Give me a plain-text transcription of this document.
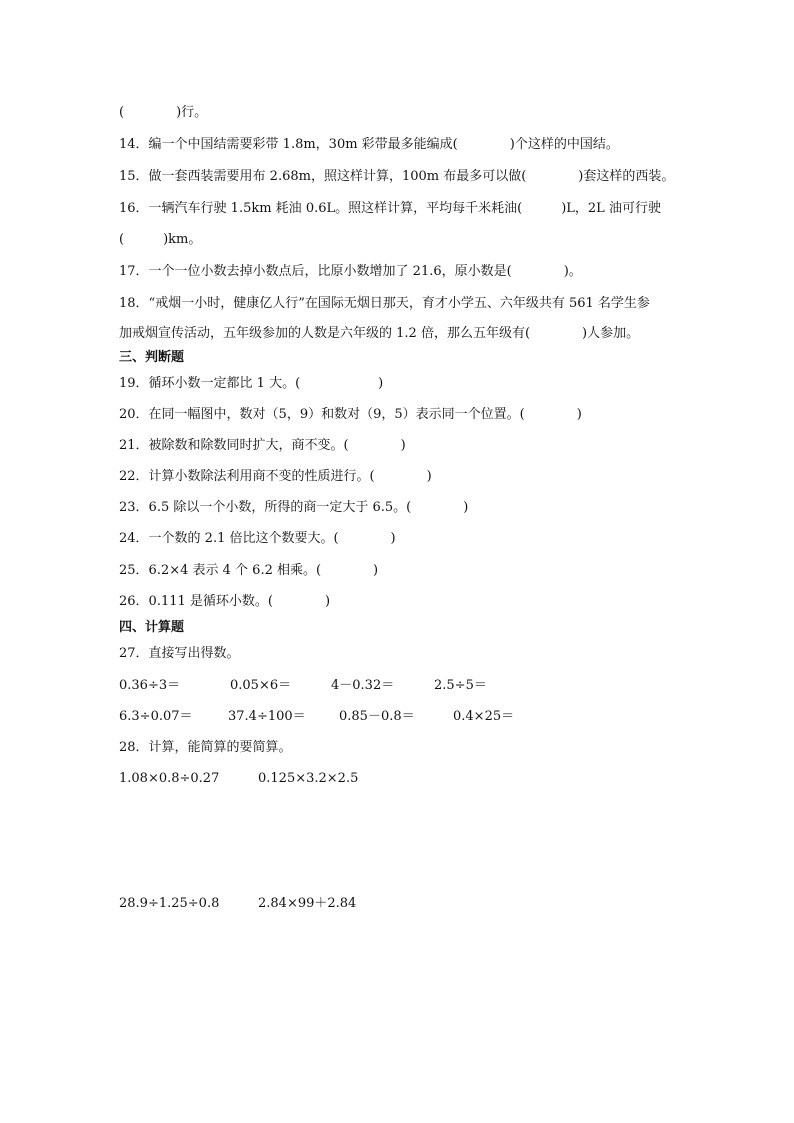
(　　　　)行。
14．编一个中国结需要彩带 1.8m，30m 彩带最多能编成(　　　　)个这样的中国结。
15．做一套西装需要用布 2.68m，照这样计算，100m 布最多可以做(　　　　)套这样的西装。
16．一辆汽车行驶 1.5km 耗油 0.6L。照这样计算，平均每千米耗油(　　　)L，2L 油可行驶
(　　　)km。
17．一个一位小数去掉小数点后，比原小数增加了 21.6，原小数是(　　　　)。
18．“戒烟一小时，健康亿人行”在国际无烟日那天，育才小学五、六年级共有 561 名学生参
加戒烟宣传活动，五年级参加的人数是六年级的 1.2 倍，那么五年级有(　　　　)人参加。
三、判断题
19．循环小数一定都比 1 大。(　　　　　　)
20．在同一幅图中，数对（5，9）和数对（9，5）表示同一个位置。(　　　　)
21．被除数和除数同时扩大，商不变。(　　　　)
22．计算小数除法利用商不变的性质进行。(　　　　)
23．6.5 除以一个小数，所得的商一定大于 6.5。(　　　　)
24．一个数的 2.1 倍比这个数要大。(　　　　)
25．6.2×4 表示 4 个 6.2 相乘。(　　　　)
26．0.111 是循环小数。(　　　　)
四、计算题
27．直接写出得数。
0.36÷3＝	0.05×6＝	4－0.32＝	2.5÷5＝
6.3÷0.07＝	37.4÷100＝	0.85－0.8＝	0.4×25＝
28．计算，能简算的要简算。
1.08×0.8÷0.27	0.125×3.2×2.5
28.9÷1.25÷0.8	2.84×99＋2.84
